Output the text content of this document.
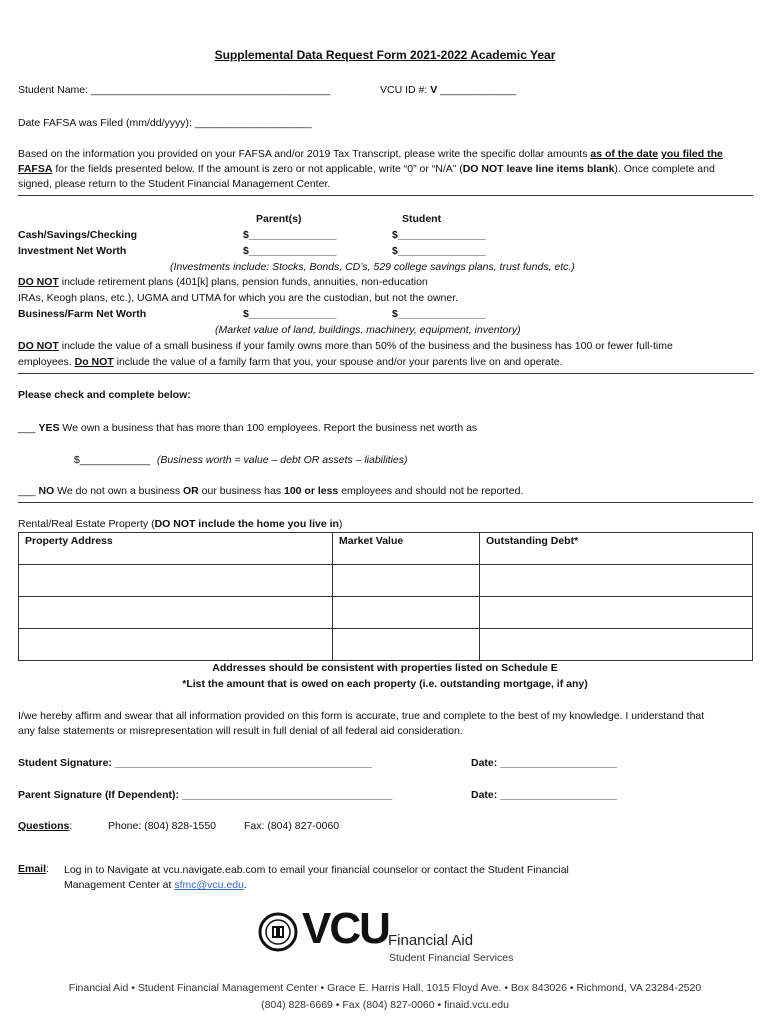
Supplemental Data Request Form 2021-2022 Academic Year
Student Name: _________________________________________	VCU ID #: V _____________
Date FAFSA was Filed (mm/dd/yyyy): ____________________
Based on the information you provided on your FAFSA and/or 2019 Tax Transcript, please write the specific dollar amounts as of the date you filed the FAFSA for the fields presented below. If the amount is zero or not applicable, write “0” or “N/A” (DO NOT leave line items blank). Once complete and signed, please return to the Student Financial Management Center.
Parent(s)	Student
Cash/Savings/Checking	$_______________	$_______________
Investment Net Worth	$_______________	$_______________
(Investments include: Stocks, Bonds, CD’s, 529 college savings plans, trust funds, etc.)
DO NOT include retirement plans (401[k] plans, pension funds, annuities, non-education
IRAs, Keogh plans, etc.), UGMA and UTMA for which you are the custodian, but not the owner.
Business/Farm Net Worth	$_______________	$_______________
(Market value of land, buildings, machinery, equipment, inventory)
DO NOT include the value of a small business if your family owns more than 50% of the business and the business has 100 or fewer full-time
employees. Do NOT include the value of a family farm that you, your spouse and/or your parents live on and operate.
Please check and complete below:
___ YES We own a business that has more than 100 employees. Report the business net worth as
$____________ (Business worth = value – debt OR assets – liabilities)
___ NO We do not own a business OR our business has 100 or less employees and should not be reported.
Rental/Real Estate Property (DO NOT include the home you live in)
Property Address	Market Value	Outstanding Debt*

Addresses should be consistent with properties listed on Schedule E
*List the amount that is owed on each property (i.e. outstanding mortgage, if any)
I/we hereby affirm and swear that all information provided on this form is accurate, true and complete to the best of my knowledge. I understand that any false statements or misrepresentation will result in full denial of all federal aid consideration.
Student Signature: ____________________________________________	Date: ____________________
Parent Signature (If Dependent): ____________________________________	Date: ____________________
Questions:	Phone: (804) 828-1550	Fax: (804) 827-0060
Email: Log in to Navigate at vcu.navigate.eab.com to email your financial counselor or contact the Student Financial
Management Center at sfmc@vcu.edu.
VCU Financial Aid
Student Financial Services
Financial Aid • Student Financial Management Center • Grace E. Harris Hall, 1015 Floyd Ave. • Box 843026 • Richmond, VA 23284-2520
(804) 828-6669 • Fax (804) 827-0060 • finaid.vcu.edu
